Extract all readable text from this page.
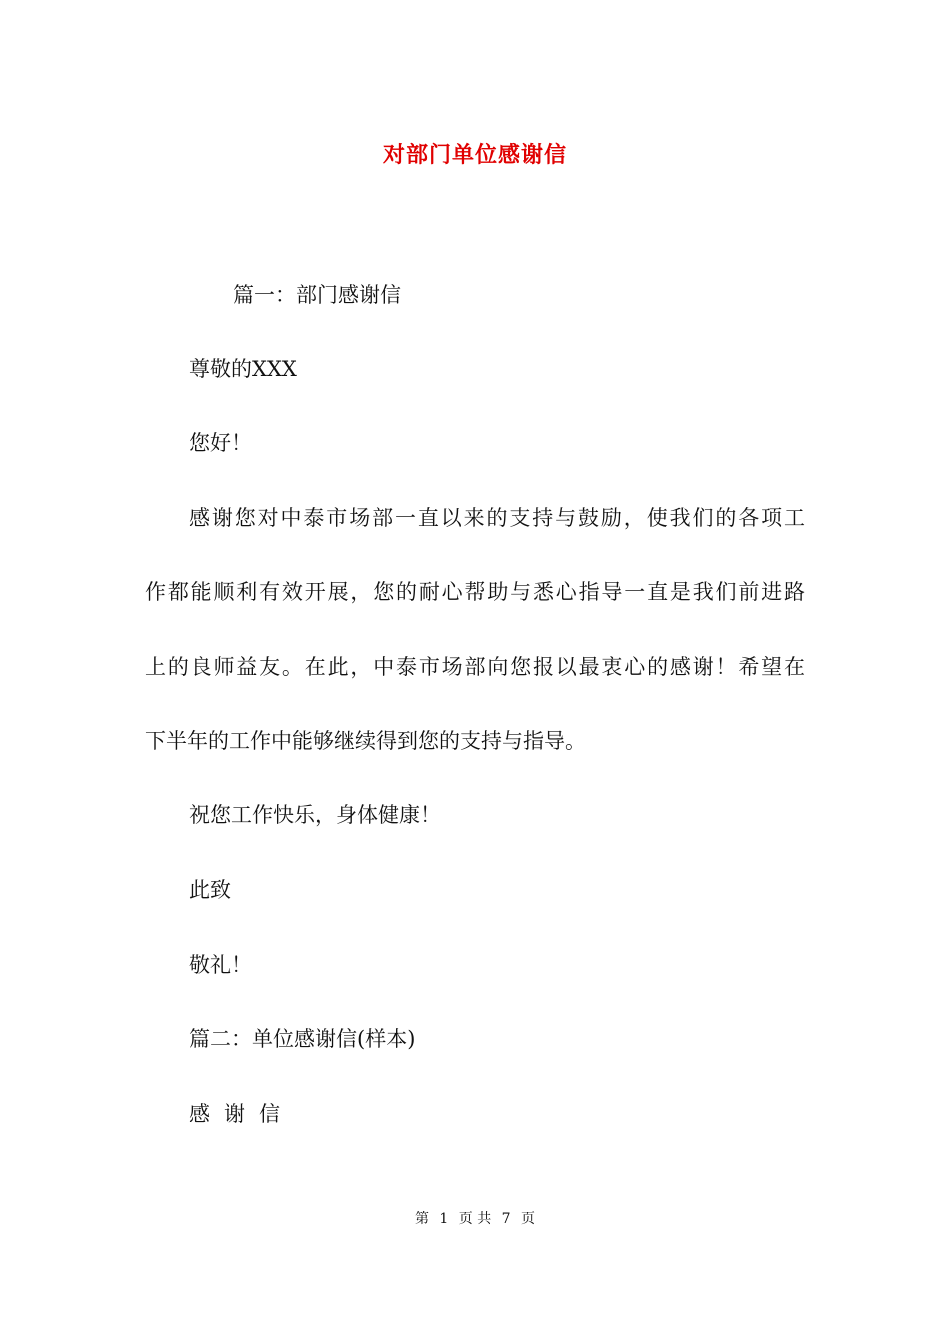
对部门单位感谢信
篇一：部门感谢信
尊敬的XXX
您好！
感谢您对中泰市场部一直以来的支持与鼓励，使我们的各项工
作都能顺利有效开展，您的耐心帮助与悉心指导一直是我们前进路
上的良师益友。在此，中泰市场部向您报以最衷心的感谢！希望在
下半年的工作中能够继续得到您的支持与指导。
祝您工作快乐，身体健康！
此致
敬礼！
篇二：单位感谢信(样本)
感谢信
第 1 页 共 7 页
